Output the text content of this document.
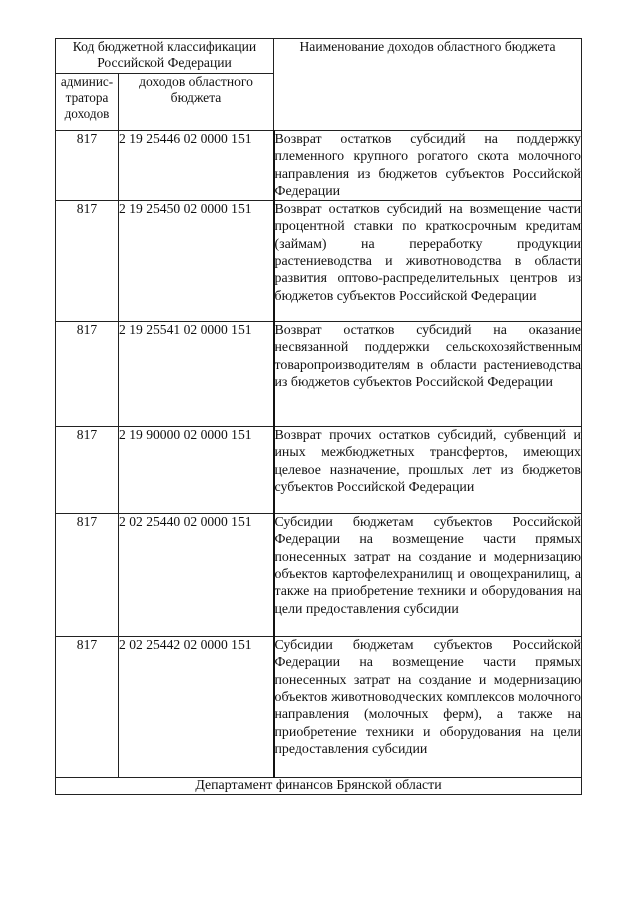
Код бюджетной классификации Российской Федерации		Наименование доходов областного бюджета
админис-тратора доходов	доходов областного бюджета	
817	2 19 25446 02 0000 151	Возврат остатков субсидий на поддержку племенного крупного рогатого скота молочного направления из бюджетов субъектов Российской Федерации
817	2 19 25450 02 0000 151	Возврат остатков субсидий на возмещение части процентной ставки по краткосрочным кредитам (займам) на переработку продукции растениеводства и животноводства в области развития оптово-распределительных центров из бюджетов субъектов Российской Федерации
817	2 19 25541 02 0000 151	Возврат остатков субсидий на оказание несвязанной поддержки сельскохозяйственным товаропроизводителям в области растениеводства из бюджетов субъектов Российской Федерации
817	2 19 90000 02 0000 151	Возврат прочих остатков субсидий, субвенций и иных межбюджетных трансфертов, имеющих целевое назначение, прошлых лет из бюджетов субъектов Российской Федерации
817	2 02 25440 02 0000 151	Субсидии бюджетам субъектов Российской Федерации на возмещение части прямых понесенных затрат на создание и модернизацию объектов картофелехранилищ и овощехранилищ, а также на приобретение техники и оборудования на цели предоставления субсидии
817	2 02 25442 02 0000 151	Субсидии бюджетам субъектов Российской Федерации на возмещение части прямых понесенных затрат на создание и модернизацию объектов животноводческих комплексов молочного направления (молочных ферм), а также на приобретение техники и оборудования на цели предоставления субсидии
Департамент финансов Брянской области		
